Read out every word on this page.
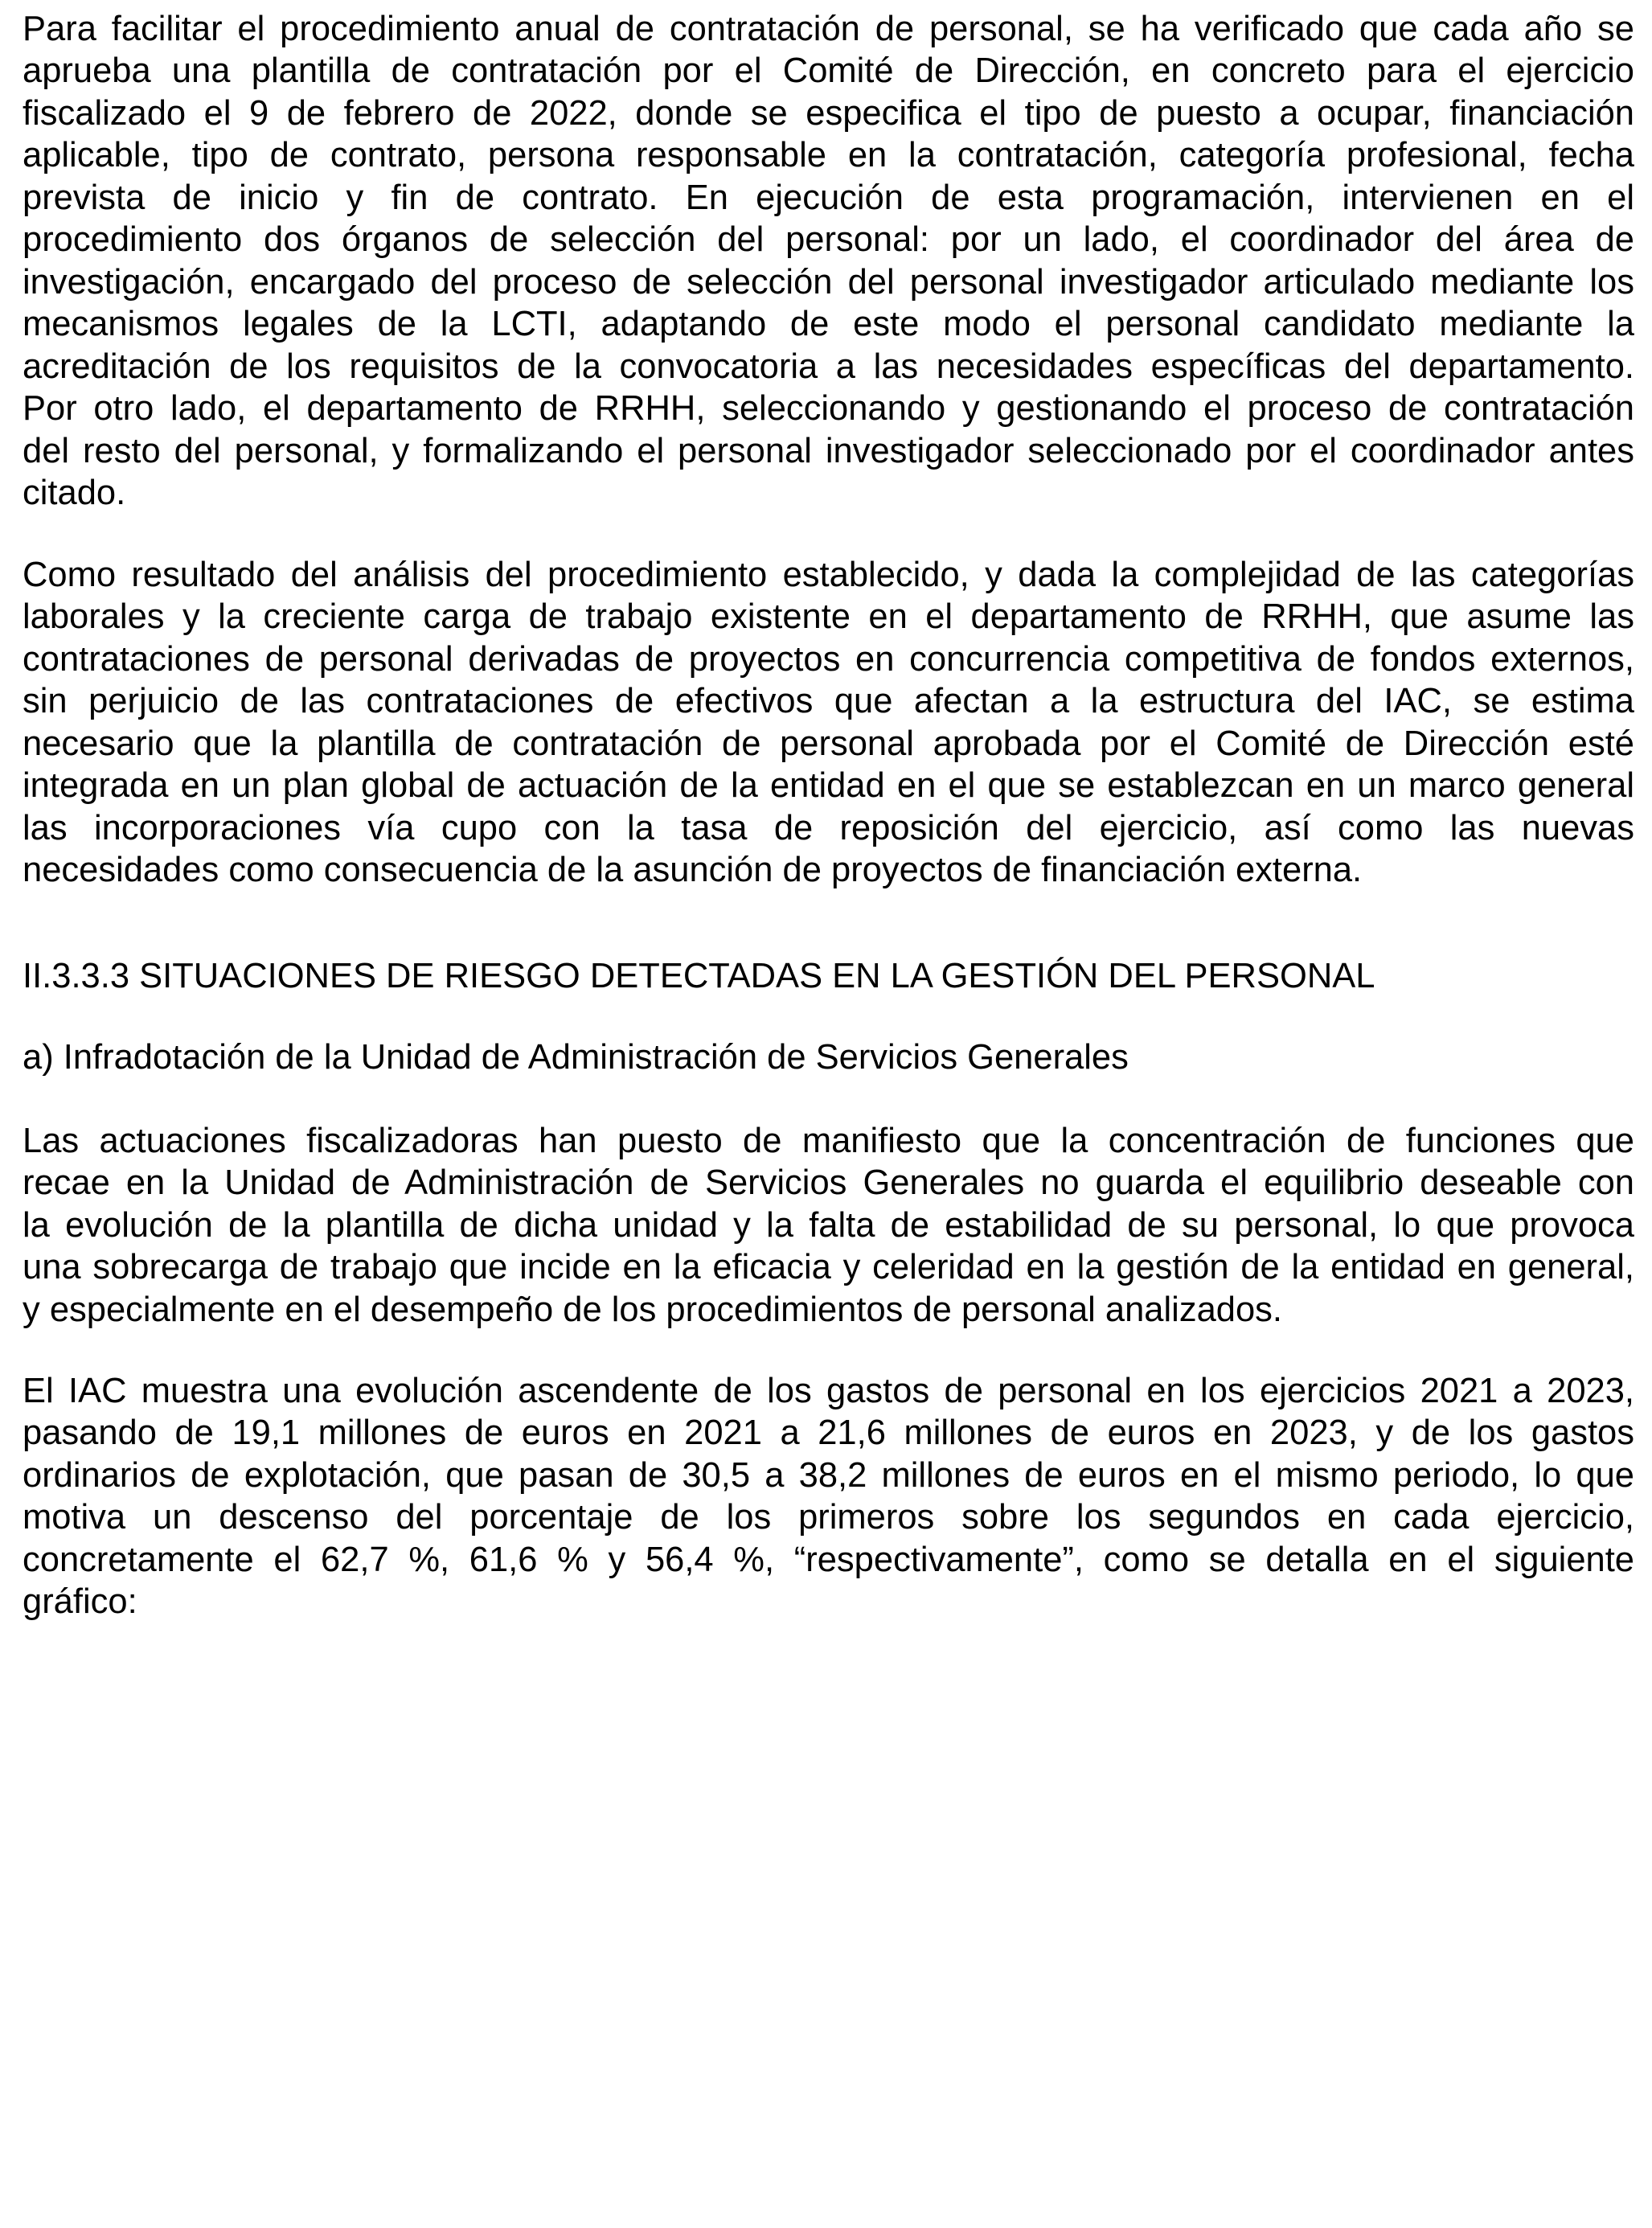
Para facilitar el procedimiento anual de contratación de personal, se ha verificado que cada año se
aprueba una plantilla de contratación por el Comité de Dirección, en concreto para el ejercicio
fiscalizado el 9 de febrero de 2022, donde se especifica el tipo de puesto a ocupar, financiación
aplicable, tipo de contrato, persona responsable en la contratación, categoría profesional, fecha
prevista de inicio y fin de contrato. En ejecución de esta programación, intervienen en el
procedimiento dos órganos de selección del personal: por un lado, el coordinador del área de
investigación, encargado del proceso de selección del personal investigador articulado mediante los
mecanismos legales de la LCTI, adaptando de este modo el personal candidato mediante la
acreditación de los requisitos de la convocatoria a las necesidades específicas del departamento.
Por otro lado, el departamento de RRHH, seleccionando y gestionando el proceso de contratación
del resto del personal, y formalizando el personal investigador seleccionado por el coordinador antes
citado.
Como resultado del análisis del procedimiento establecido, y dada la complejidad de las categorías
laborales y la creciente carga de trabajo existente en el departamento de RRHH, que asume las
contrataciones de personal derivadas de proyectos en concurrencia competitiva de fondos externos,
sin perjuicio de las contrataciones de efectivos que afectan a la estructura del IAC, se estima
necesario que la plantilla de contratación de personal aprobada por el Comité de Dirección esté
integrada en un plan global de actuación de la entidad en el que se establezcan en un marco general
las incorporaciones vía cupo con la tasa de reposición del ejercicio, así como las nuevas
necesidades como consecuencia de la asunción de proyectos de financiación externa.
II.3.3.3 SITUACIONES DE RIESGO DETECTADAS EN LA GESTIÓN DEL PERSONAL
a) Infradotación de la Unidad de Administración de Servicios Generales
Las actuaciones fiscalizadoras han puesto de manifiesto que la concentración de funciones que
recae en la Unidad de Administración de Servicios Generales no guarda el equilibrio deseable con
la evolución de la plantilla de dicha unidad y la falta de estabilidad de su personal, lo que provoca
una sobrecarga de trabajo que incide en la eficacia y celeridad en la gestión de la entidad en general,
y especialmente en el desempeño de los procedimientos de personal analizados.
El IAC muestra una evolución ascendente de los gastos de personal en los ejercicios 2021 a 2023,
pasando de 19,1 millones de euros en 2021 a 21,6 millones de euros en 2023, y de los gastos
ordinarios de explotación, que pasan de 30,5 a 38,2 millones de euros en el mismo periodo, lo que
motiva un descenso del porcentaje de los primeros sobre los segundos en cada ejercicio,
concretamente el 62,7 %, 61,6 % y 56,4 %, “respectivamente”, como se detalla en el siguiente
gráfico:
